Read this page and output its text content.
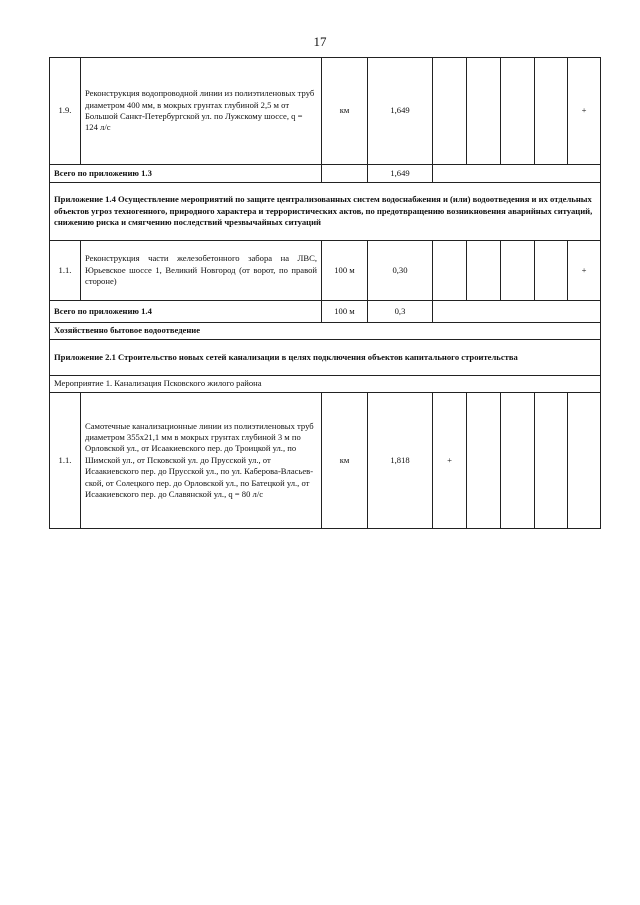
17
1.9.	Реконструкция водопроводной линии из полиэтиленовых труб диаметром 400 мм, в мокрых грунтах глубиной 2,5 м от Большой Санкт-Петербургской ул. по Лужскому шоссе, q = 124 л/с	км	1,649					+
Всего по приложению 1.3			1,649					
Приложение 1.4 Осуществление мероприятий по защите централизованных систем водоснабжения и (или) водоотведения и их отдельных объектов угроз техногенного, природного характера и террористических актов, по предотвращению возникновения аварийных ситуаций, снижению риска и смягчению последствий чрезвычайных ситуаций								
1.1.	Реконструкция части железобетонного забора на ЛВС, Юрьевское шоссе 1, Великий Новгород (от ворот, по правой стороне)	100 м	0,30					+
Всего по приложению 1.4		100 м	0,3					
Хозяйственно бытовое водоотведение								
Приложение 2.1 Строительство новых сетей канализации в целях подключения объектов капитального строительства								
Мероприятие 1. Канализация Псковского жилого района								
1.1.	Самотечные канализационные линии из полиэтиленовых труб диаметром 355х21,1 мм в мокрых грунтах глубиной 3 м по Орловской ул., от Исаакиевского пер. до Троицкой ул., по Шимской ул., от Псковской ул. до Прусской ул., от Исаакиевского пер. до Прусской ул., по ул. Каберова-Власьев-ской, от Солецкого пер. до Орловской ул., по Батецкой ул., от Исаакиевского пер. до Славянской ул., q = 80 л/с	км	1,818	+				
